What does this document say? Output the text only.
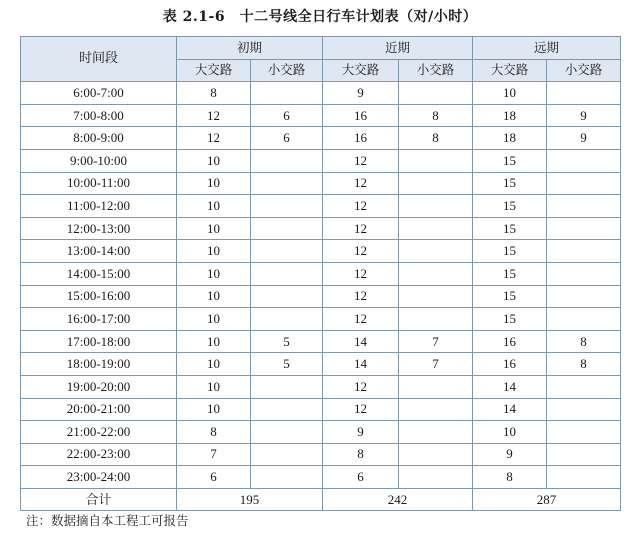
表 2.1-6　十二号线全日行车计划表（对/小时）
时间段	初期		近期		远期	
	大交路	小交路	大交路	小交路	大交路	小交路
6:00-7:00	8		9		10	
7:00-8:00	12	6	16	8	18	9
8:00-9:00	12	6	16	8	18	9
9:00-10:00	10		12		15	
10:00-11:00	10		12		15	
11:00-12:00	10		12		15	
12:00-13:00	10		12		15	
13:00-14:00	10		12		15	
14:00-15:00	10		12		15	
15:00-16:00	10		12		15	
16:00-17:00	10		12		15	
17:00-18:00	10	5	14	7	16	8
18:00-19:00	10	5	14	7	16	8
19:00-20:00	10		12		14	
20:00-21:00	10		12		14	
21:00-22:00	8		9		10	
22:00-23:00	7		8		9	
23:00-24:00	6		6		8	
合计	195		242		287	
注：数据摘自本工程工可报告
